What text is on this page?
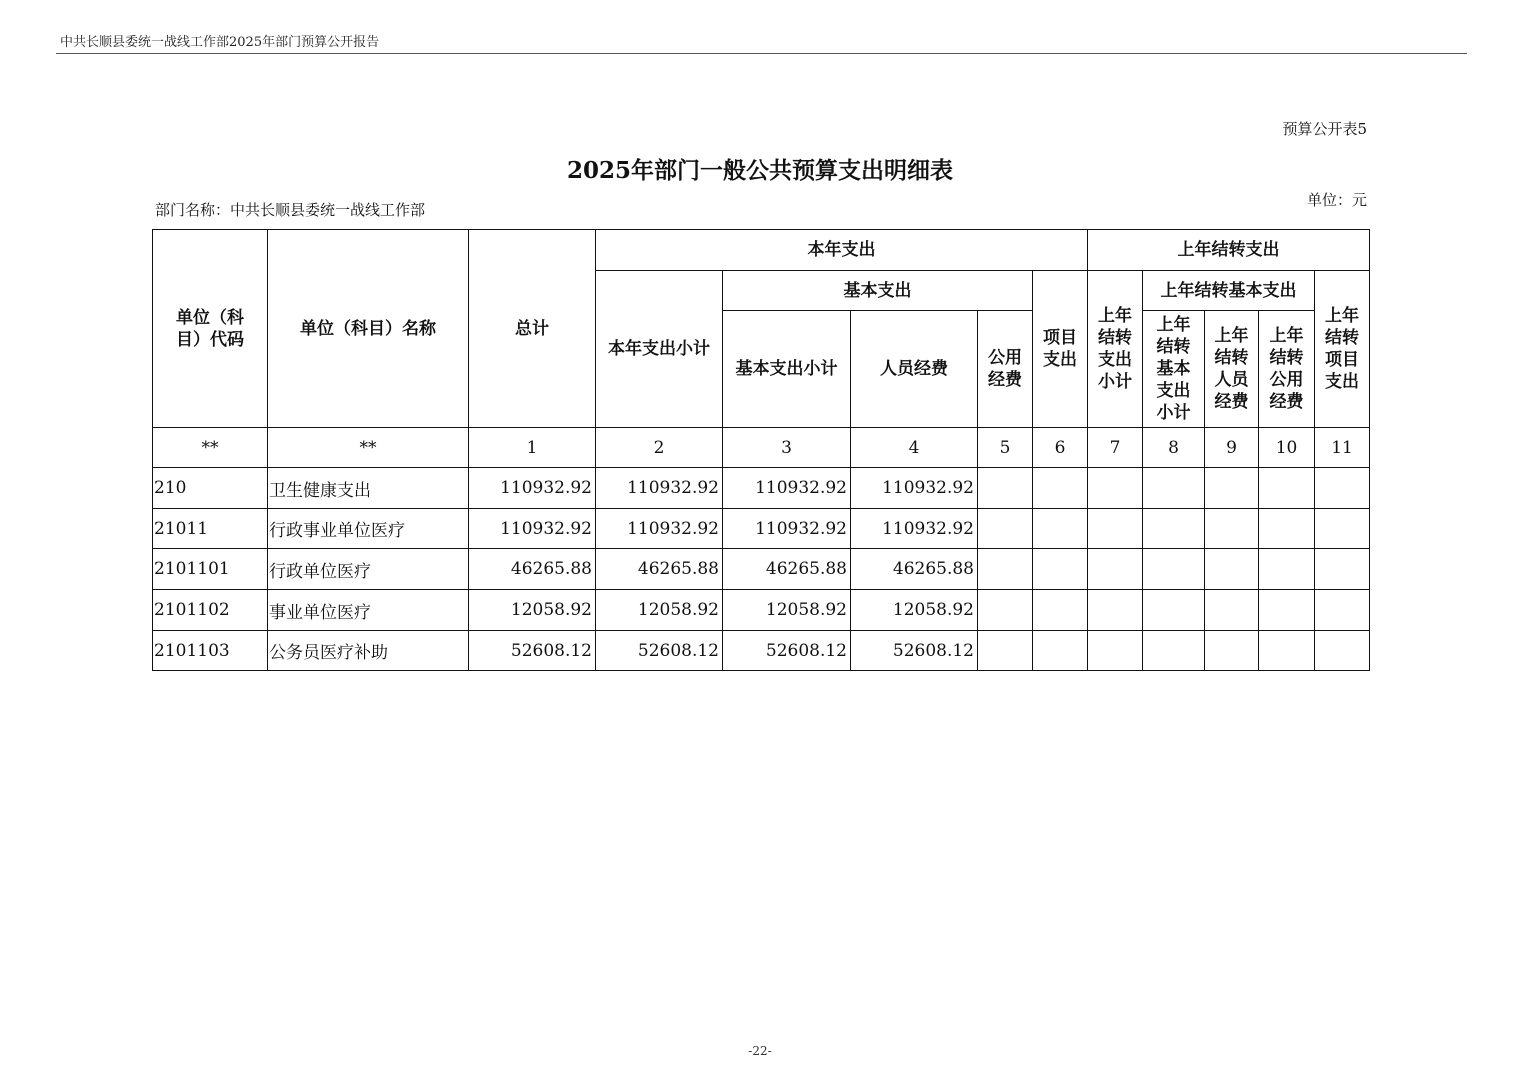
中共长顺县委统一战线工作部2025年部门预算公开报告
预算公开表5
2025年部门一般公共预算支出明细表
部门名称：中共长顺县委统一战线工作部
单位：元
单位（科目）代码	单位（科目）名称	总计	本年支出					上年结转支出				
			本年支出小计	基本支出			项目支出	上年结转支出小计	上年结转基本支出			上年结转项目支出
				基本支出小计	人员经费	公用经费			上年结转基本支出小计	上年结转人员经费	上年结转公用经费	
**	**	1	2	3	4	5	6	7	8	9	10	11
210	卫生健康支出	110932.92	110932.92	110932.92	110932.92							
21011	行政事业单位医疗	110932.92	110932.92	110932.92	110932.92							
2101101	行政单位医疗	46265.88	46265.88	46265.88	46265.88							
2101102	事业单位医疗	12058.92	12058.92	12058.92	12058.92							
2101103	公务员医疗补助	52608.12	52608.12	52608.12	52608.12							
-22-
